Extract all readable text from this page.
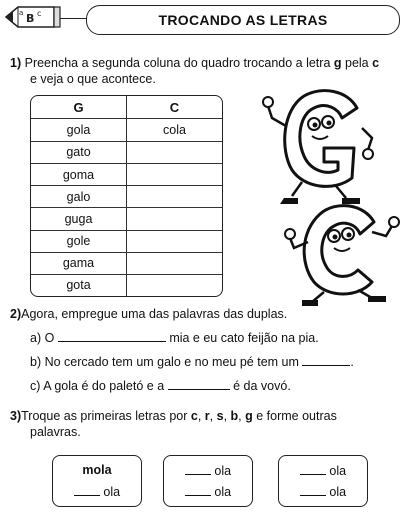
B c
a	TROCANDO AS LETRAS
1) Preencha a segunda coluna do quadro trocando a letra g pela c
e veja o que acontece.
G	C
gola	cola
gato	
goma	
galo	
guga	
gole	
gama	
gota	
2)Agora, empregue uma das palavras das duplas.
a) O	mia e eu cato feijão na pia.
b) No cercado tem um galo e no meu pé tem um	.
c) A gola é do paletó e a	é da vovó.
3)Troque as primeiras letras por c, r, s, b, g e forme outras
palavras.
mola
ola
ola
ola
ola
ola
